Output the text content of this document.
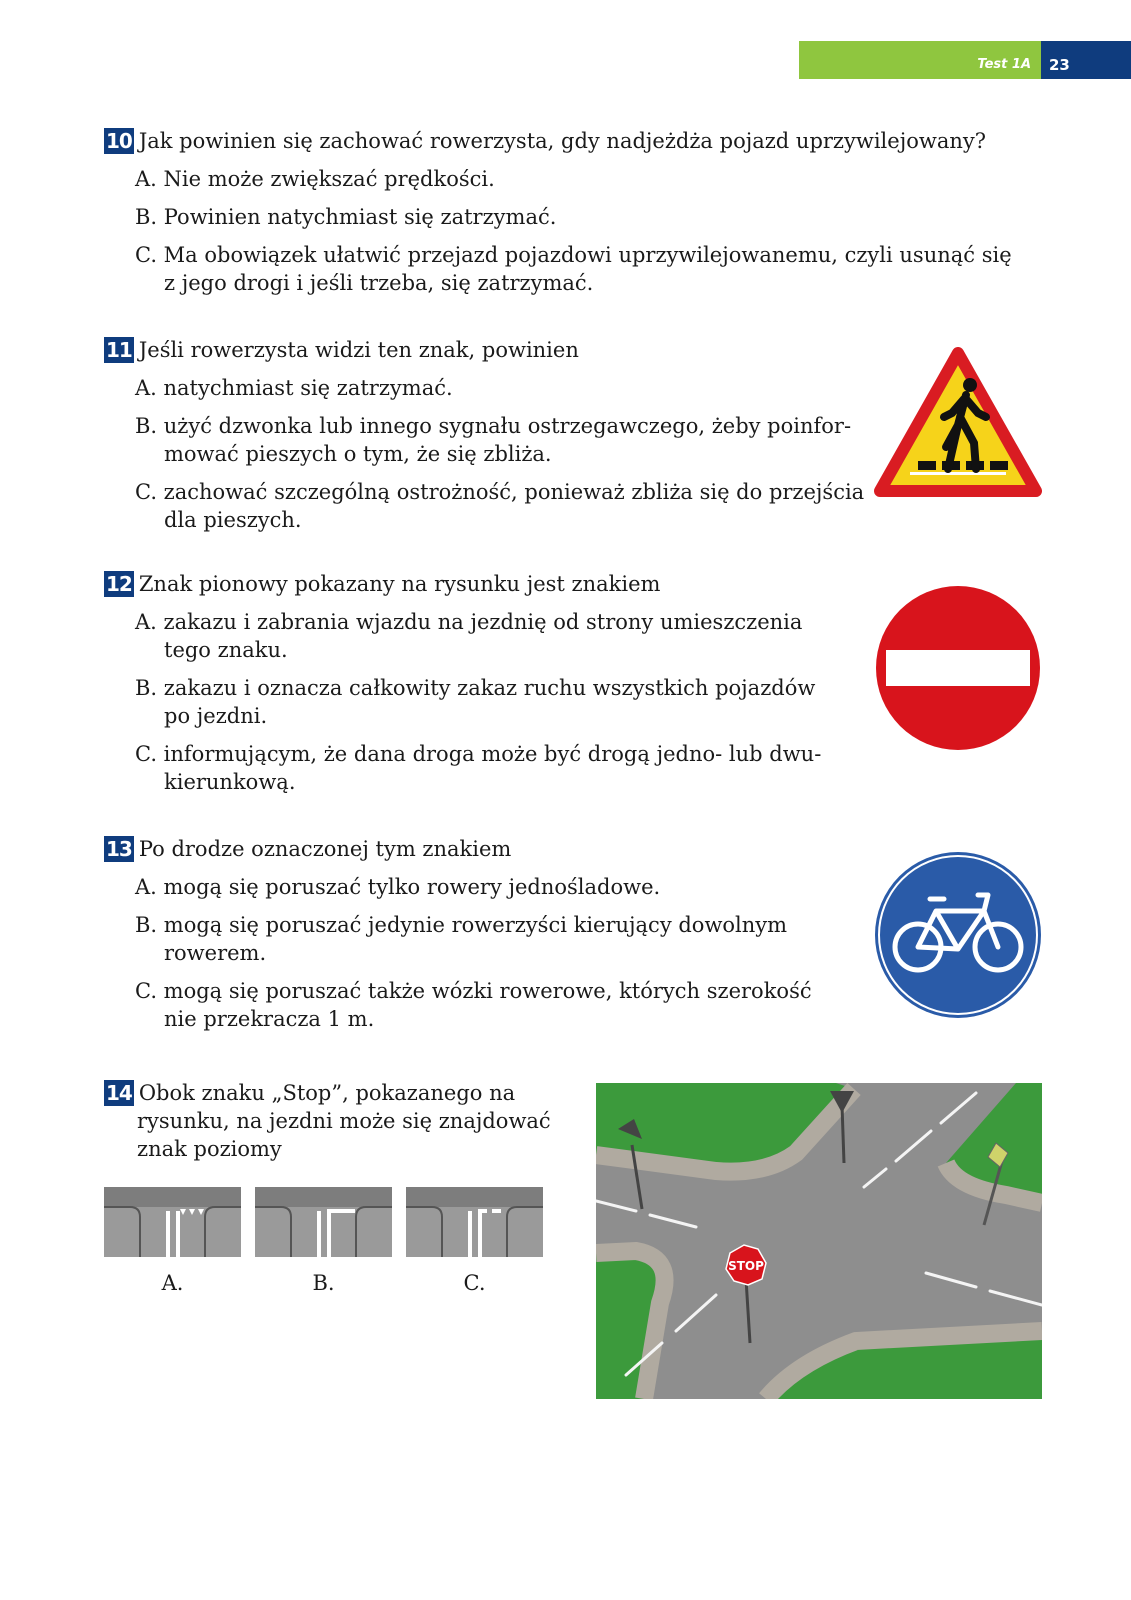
Test 1A	23
10 Jak powinien się zachować rowerzysta, gdy nadjeżdża pojazd uprzywilejowany?
A. Nie może zwiększać prędkości.
B. Powinien natychmiast się zatrzymać.
C. Ma obowiązek ułatwić przejazd pojazdowi uprzywilejowanemu, czyli usunąć się
z jego drogi i jeśli trzeba, się zatrzymać.
11 Jeśli rowerzysta widzi ten znak, powinien
A. natychmiast się zatrzymać.
B. użyć dzwonka lub innego sygnału ostrzegawczego, żeby poinfor-
mować pieszych o tym, że się zbliża.
C. zachować szczególną ostrożność, ponieważ zbliża się do przejścia
dla pieszych.
12 Znak pionowy pokazany na rysunku jest znakiem
A. zakazu i zabrania wjazdu na jezdnię od strony umieszczenia
tego znaku.
B. zakazu i oznacza całkowity zakaz ruchu wszystkich pojazdów
po jezdni.
C. informującym, że dana droga może być drogą jedno- lub dwu-
kierunkową.
13 Po drodze oznaczonej tym znakiem
A. mogą się poruszać tylko rowery jednośladowe.
B. mogą się poruszać jedynie rowerzyści kierujący dowolnym
rowerem.
C. mogą się poruszać także wózki rowerowe, których szerokość
nie przekracza 1 m.
14 Obok znaku „Stop”, pokazanego na
rysunku, na jezdni może się znajdować
znak poziomy
A.	B.	C.
STOP
